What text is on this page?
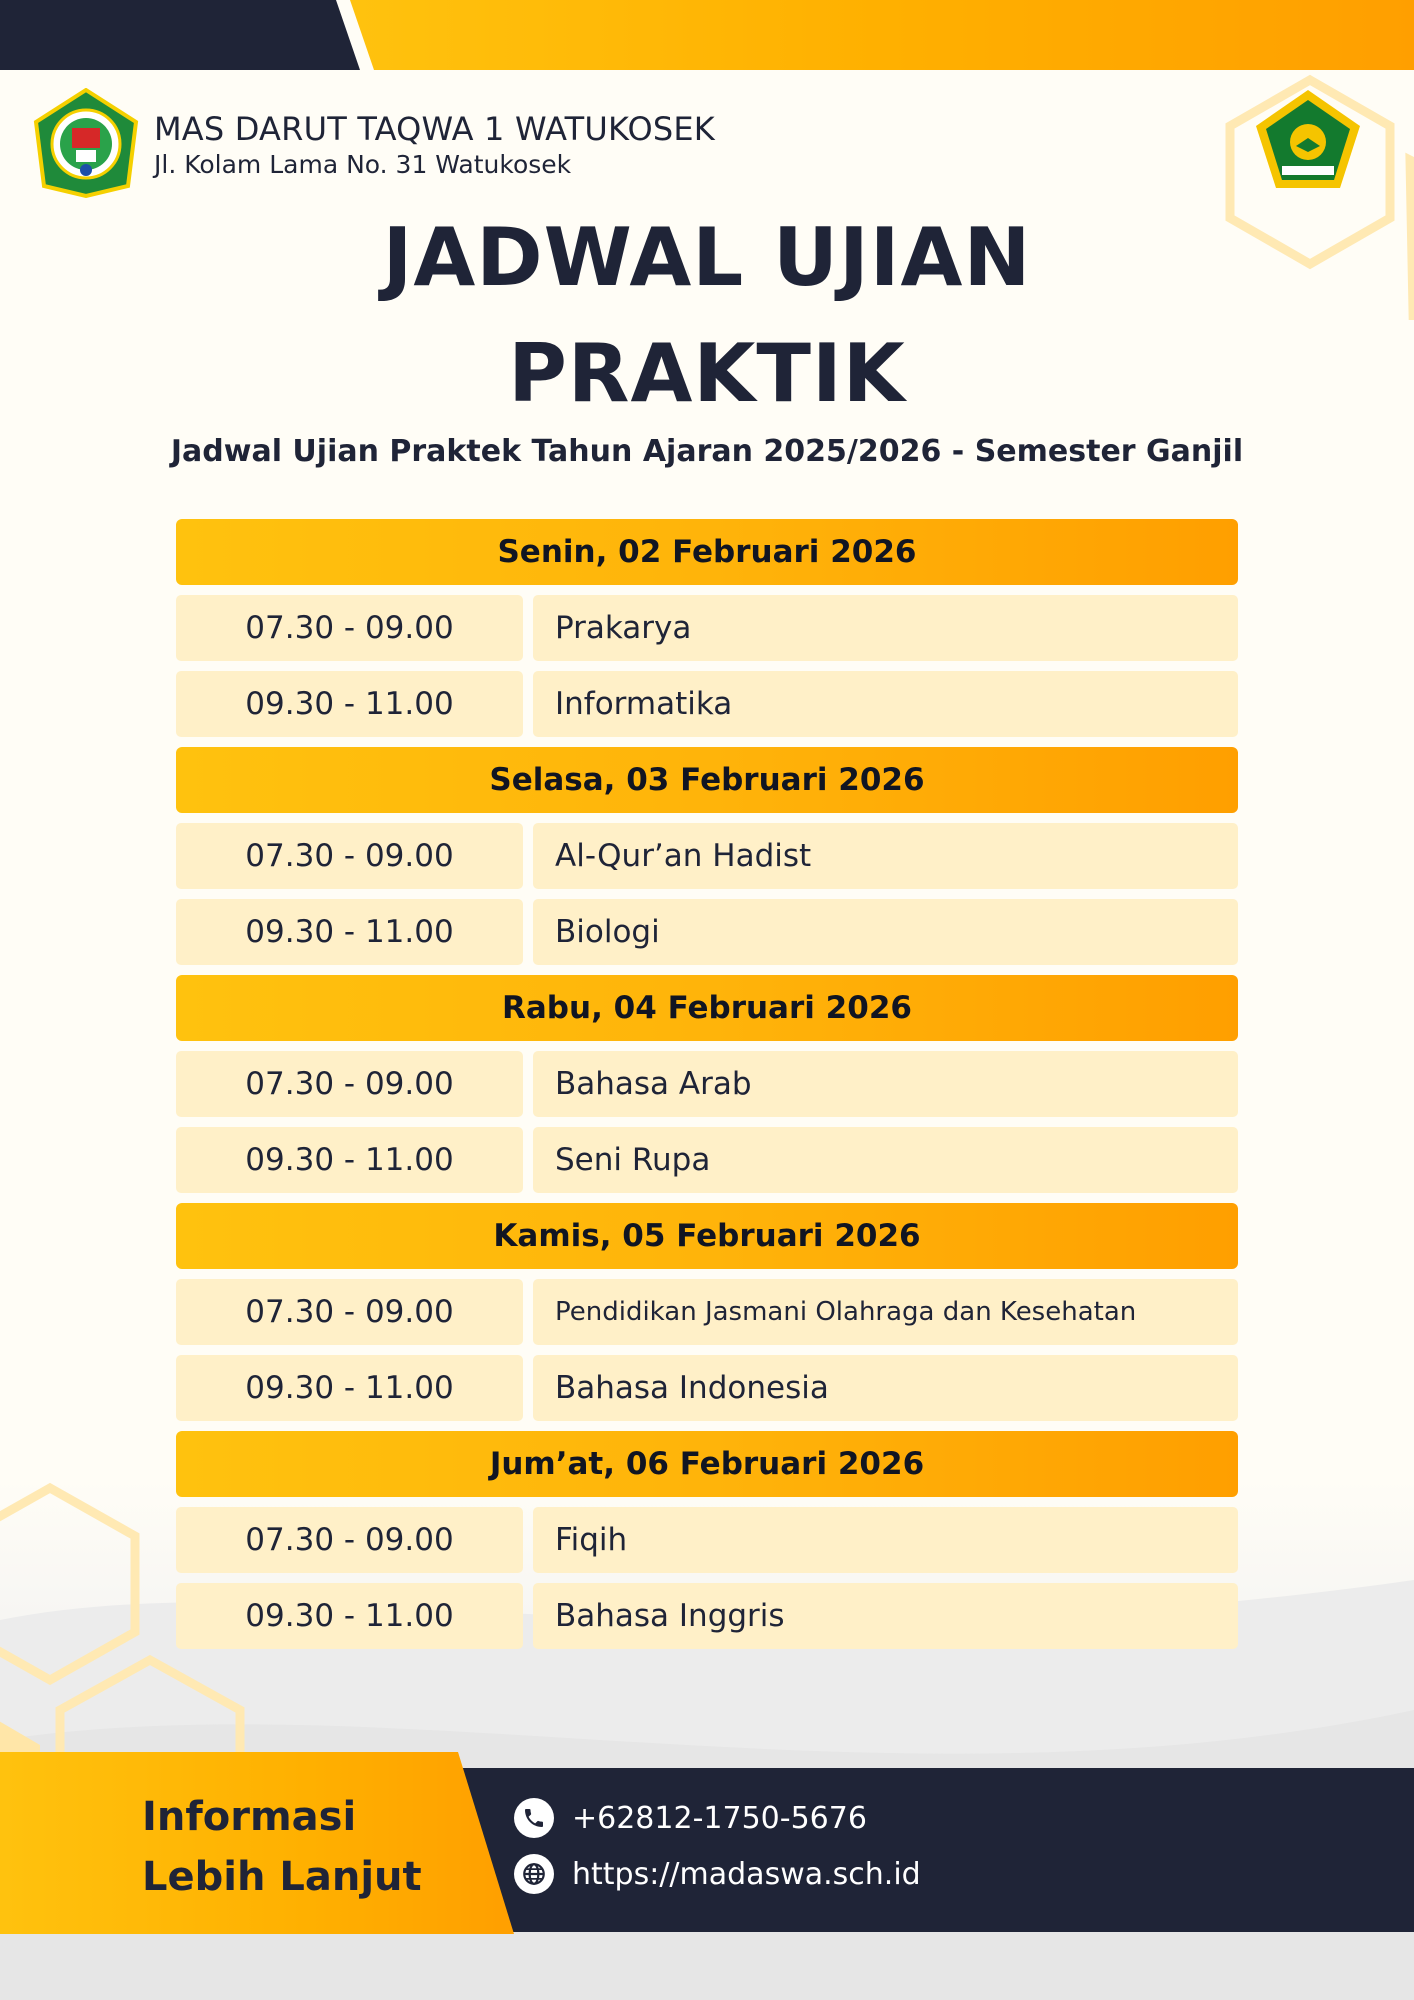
MAS DARUT TAQWA 1 WATUKOSEK
Jl. Kolam Lama No. 31 Watukosek
JADWAL UJIAN
PRAKTIK
Jadwal Ujian Praktek Tahun Ajaran 2025/2026 - Semester Ganjil
Senin, 02 Februari 2026
07.30 - 09.00	Prakarya
09.30 - 11.00	Informatika
Selasa, 03 Februari 2026
07.30 - 09.00	Al-Qur’an Hadist
09.30 - 11.00	Biologi
Rabu, 04 Februari 2026
07.30 - 09.00	Bahasa Arab
09.30 - 11.00	Seni Rupa
Kamis, 05 Februari 2026
07.30 - 09.00	Pendidikan Jasmani Olahraga dan Kesehatan
09.30 - 11.00	Bahasa Indonesia
Jum’at, 06 Februari 2026
07.30 - 09.00	Fiqih
09.30 - 11.00	Bahasa Inggris
Informasi
Lebih Lanjut
+62812-1750-5676
https://madaswa.sch.id
